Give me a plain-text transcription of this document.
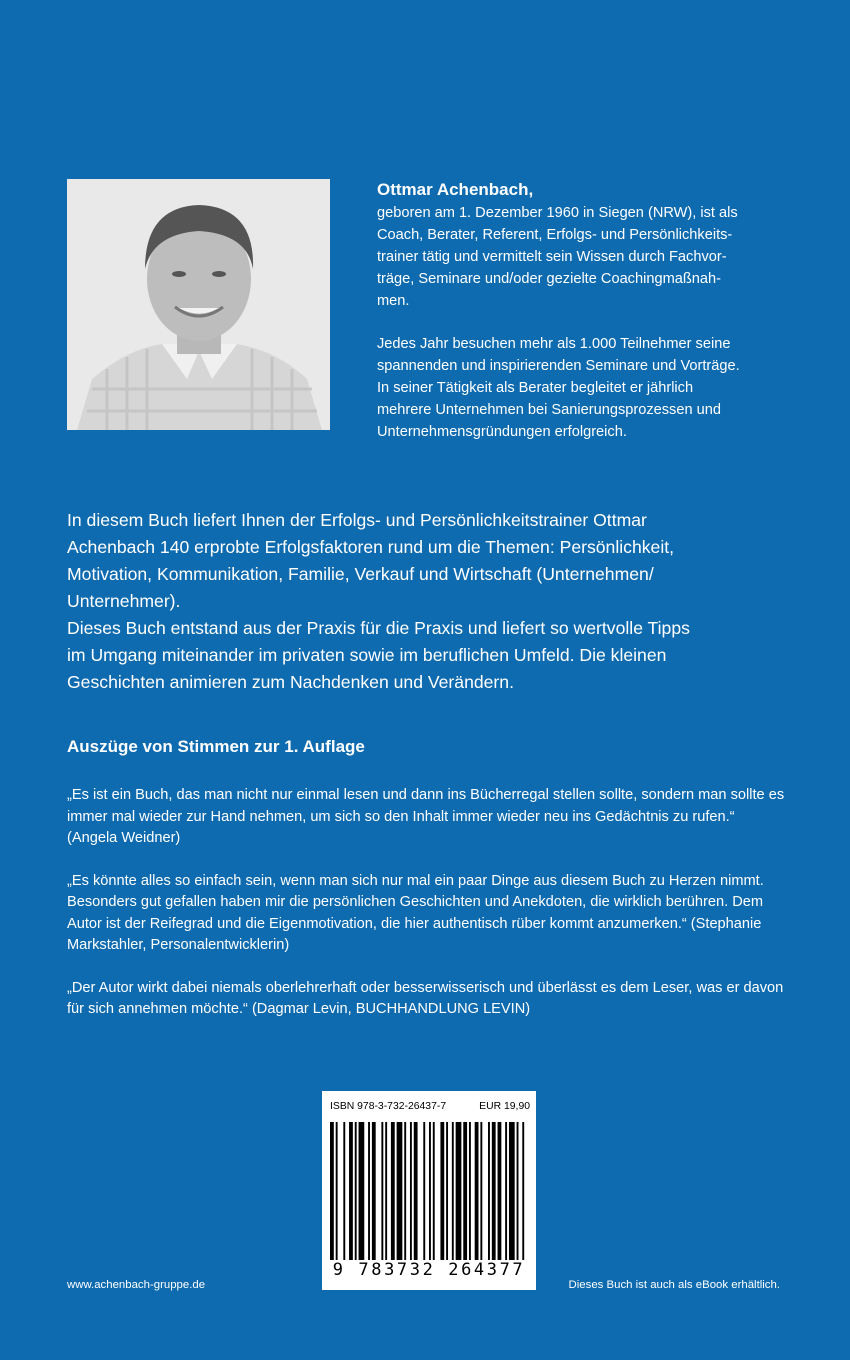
Ottmar Achenbach,

geboren am 1. Dezember 1960 in Siegen (NRW), ist als
Coach, Berater, Referent, Erfolgs- und Persönlichkeits-
trainer tätig und vermittelt sein Wissen durch Fachvor-
träge, Seminare und/oder gezielte Coachingmaßnah-
men.

Jedes Jahr besuchen mehr als 1.000 Teilnehmer seine
spannenden und inspirierenden Seminare und Vorträge.
In seiner Tätigkeit als Berater begleitet er jährlich
mehrere Unternehmen bei Sanierungsprozessen und
Unternehmensgründungen erfolgreich.

In diesem Buch liefert Ihnen der Erfolgs- und Persönlichkeitstrainer Ottmar
Achenbach 140 erprobte Erfolgsfaktoren rund um die Themen: Persönlichkeit,
Motivation, Kommunikation, Familie, Verkauf und Wirtschaft (Unternehmen/
Unternehmer).
Dieses Buch entstand aus der Praxis für die Praxis und liefert so wertvolle Tipps
im Umgang miteinander im privaten sowie im beruflichen Umfeld. Die kleinen
Geschichten animieren zum Nachdenken und Verändern.

Auszüge von Stimmen zur 1. Auflage

„Es ist ein Buch, das man nicht nur einmal lesen und dann ins Bücherregal stellen sollte, sondern man sollte es immer mal wieder zur Hand nehmen, um sich so den Inhalt immer wieder neu ins Gedächtnis zu rufen.“ (Angela Weidner)

„Es könnte alles so einfach sein, wenn man sich nur mal ein paar Dinge aus diesem Buch zu Herzen nimmt. Besonders gut gefallen haben mir die persönlichen Geschichten und Anekdoten, die wirklich berühren. Dem Autor ist der Reifegrad und die Eigenmotivation, die hier authentisch rüber kommt anzumerken.“ (Stephanie Markstahler, Personalentwicklerin)

„Der Autor wirkt dabei niemals oberlehrerhaft oder besserwisserisch und überlässt es dem Leser, was er davon für sich annehmen möchte.“ (Dagmar Levin, BUCHHANDLUNG LEVIN)

ISBN 978-3-732-26437-7	EUR 19,90
9 783732 264377
www.achenbach-gruppe.de	Dieses Buch ist auch als eBook erhältlich.
